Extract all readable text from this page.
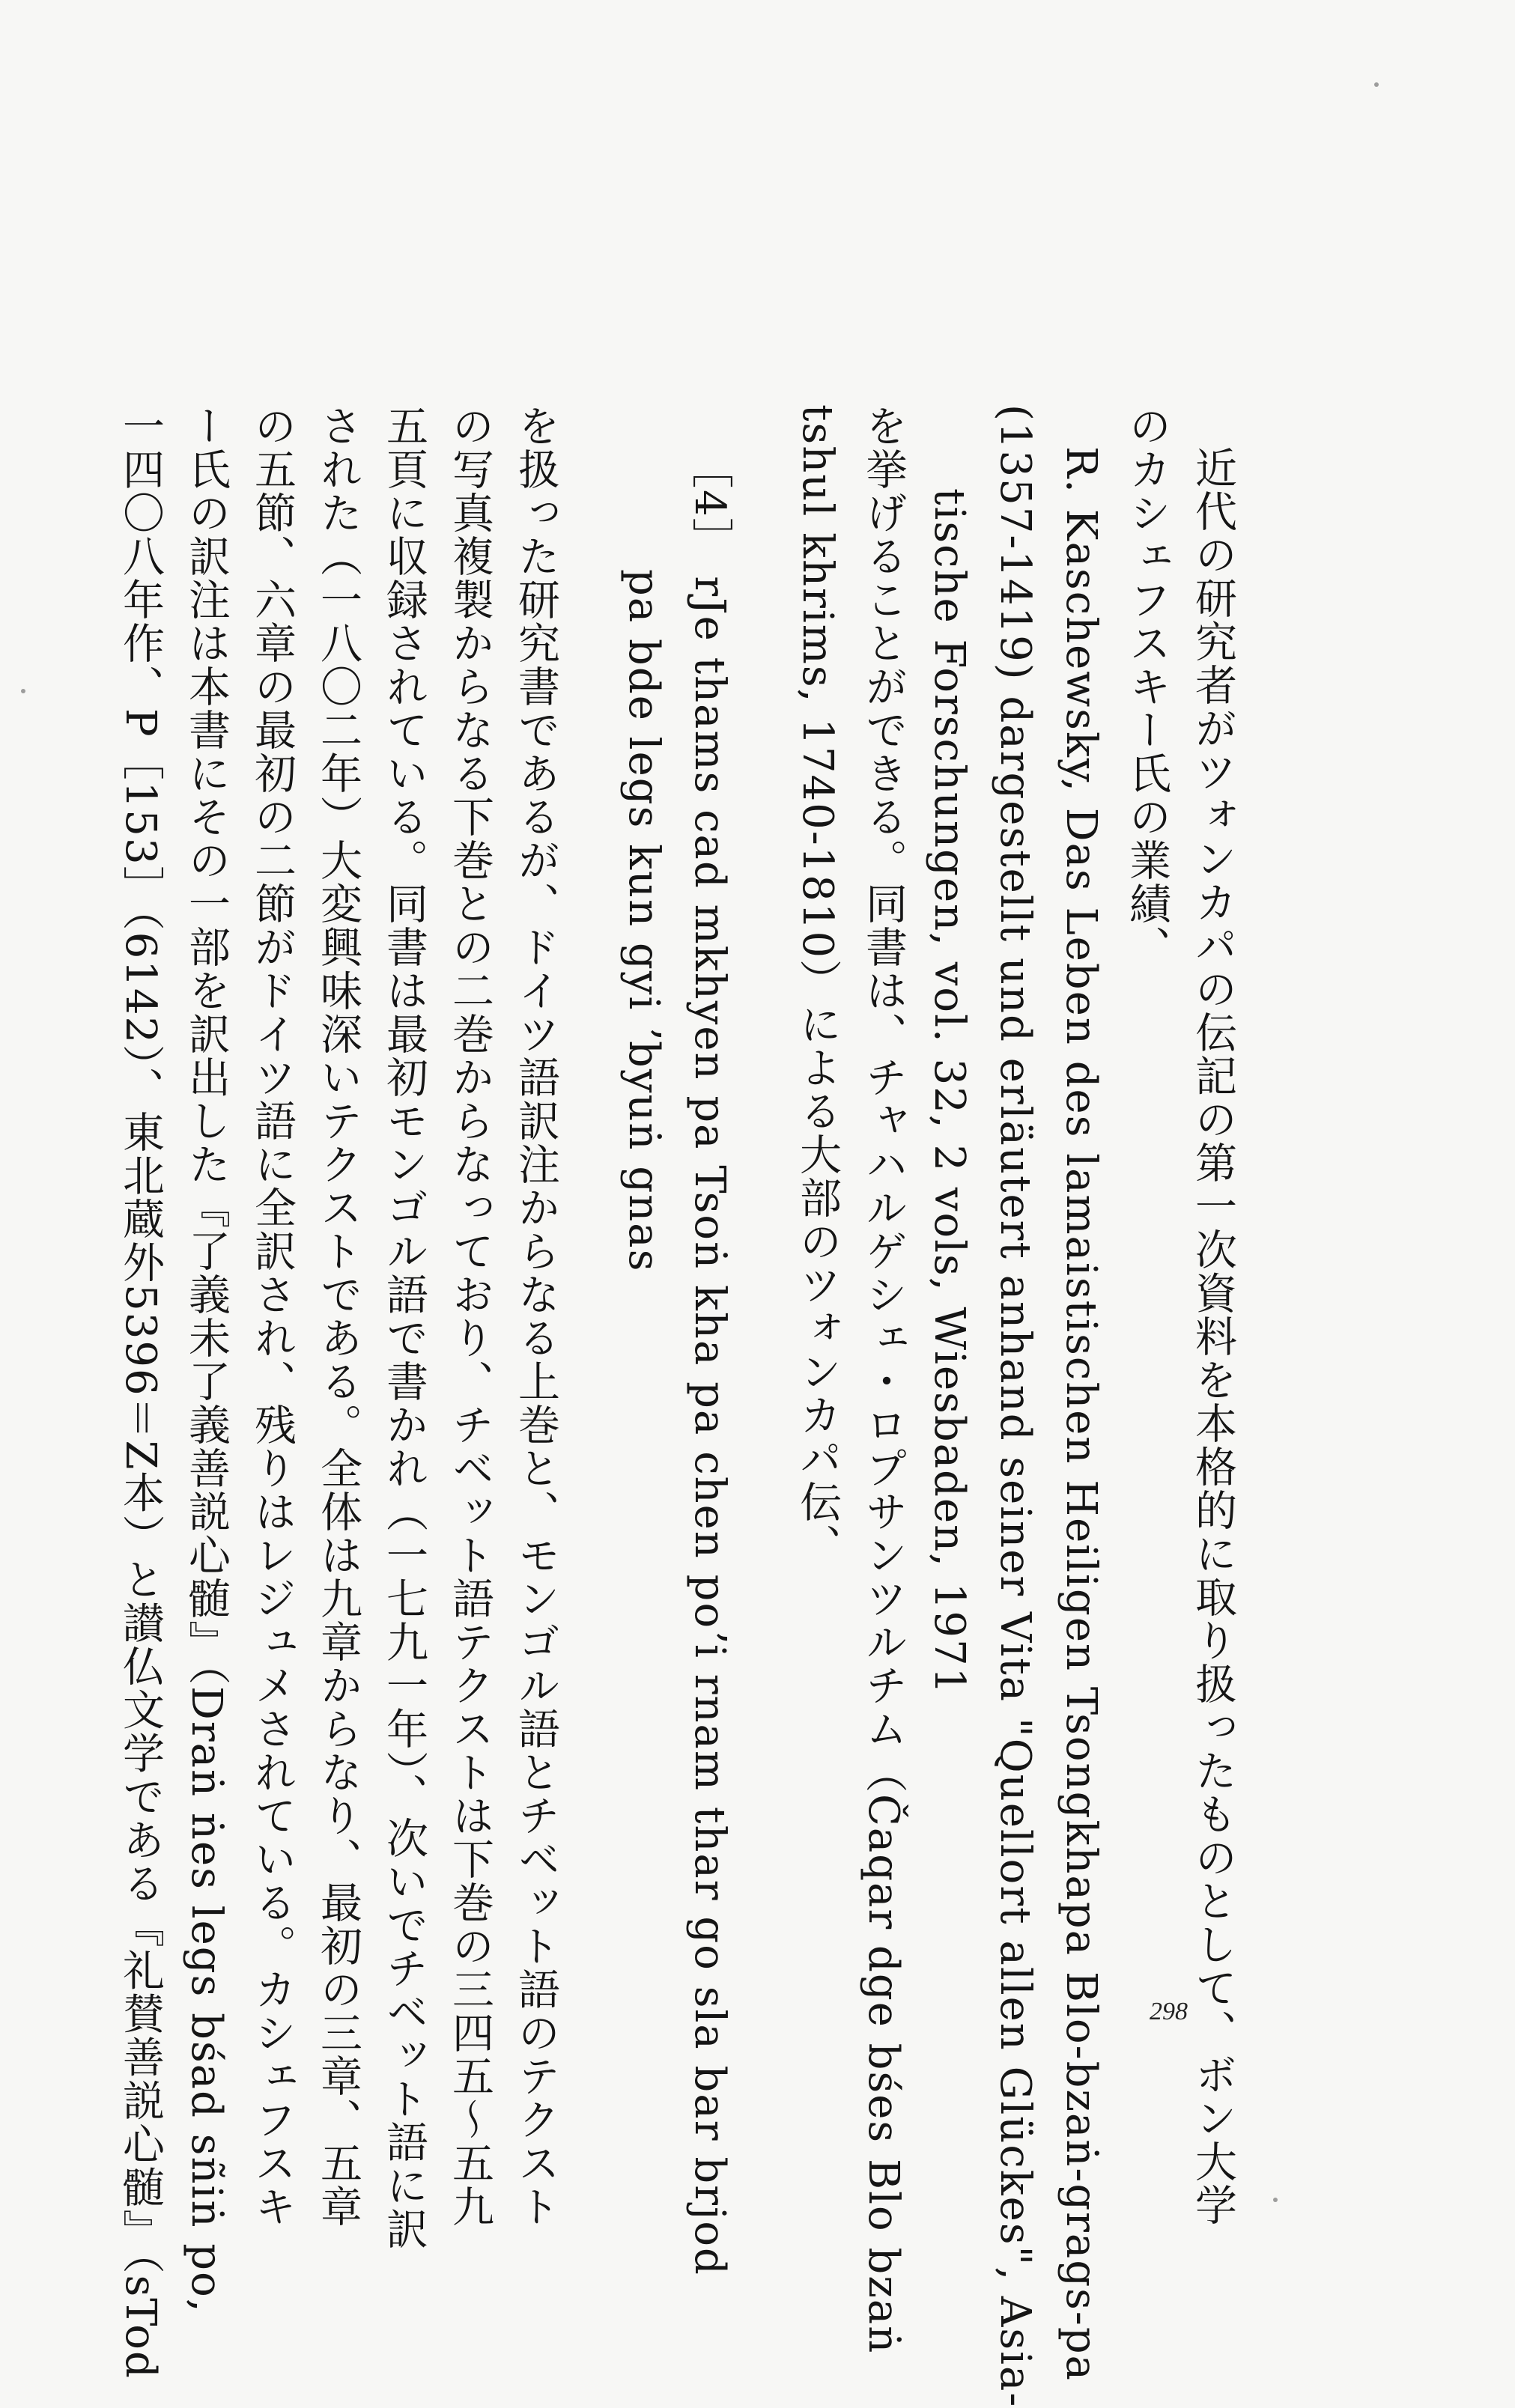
近代の研究者がツォンカパの伝記の第一次資料を本格的に取り扱ったものとして、ボン大学
のカシェフスキー氏の業績、
R. Kaschewsky, Das Leben des lamaistischen Heiligen Tsongkhapa Blo-bzaṅ-grags-pa
(1357-1419) dargestellt und erläutert anhand seiner Vita "Quellort allen Glückes", Asia-
tische Forschungen, vol. 32, 2 vols, Wiesbaden, 1971
を挙げることができる。同書は、チャハルゲシェ・ロプサンツルチム（Čaqar dge bśes Blo bzaṅ
tshul khrims, 1740-1810）による大部のツォンカパ伝、
［4］ rJe thams cad mkhyen pa Tsoṅ kha pa chen poʼi rnam thar go sla bar brjod
pa bde legs kun gyi ʼbyuṅ gnas
を扱った研究書であるが、ドイツ語訳注からなる上巻と、モンゴル語とチベット語のテクスト
の写真複製からなる下巻との二巻からなっており、チベット語テクストは下巻の三四五〜五九
五頁に収録されている。同書は最初モンゴル語で書かれ（一七九一年）、次いでチベット語に訳
された（一八〇二年）大変興味深いテクストである。全体は九章からなり、最初の三章、五章
の五節、六章の最初の二節がドイツ語に全訳され、残りはレジュメされている。カシェフスキ
ー氏の訳注は本書にその一部を訳出した『了義未了義善説心髄』（Draṅ ṅes legs bśad sñiṅ po,
一四〇八年作、P［153］（6142）、東北蔵外5396＝Z本）と讃仏文学である『礼賛善説心髄』（sTod	298
